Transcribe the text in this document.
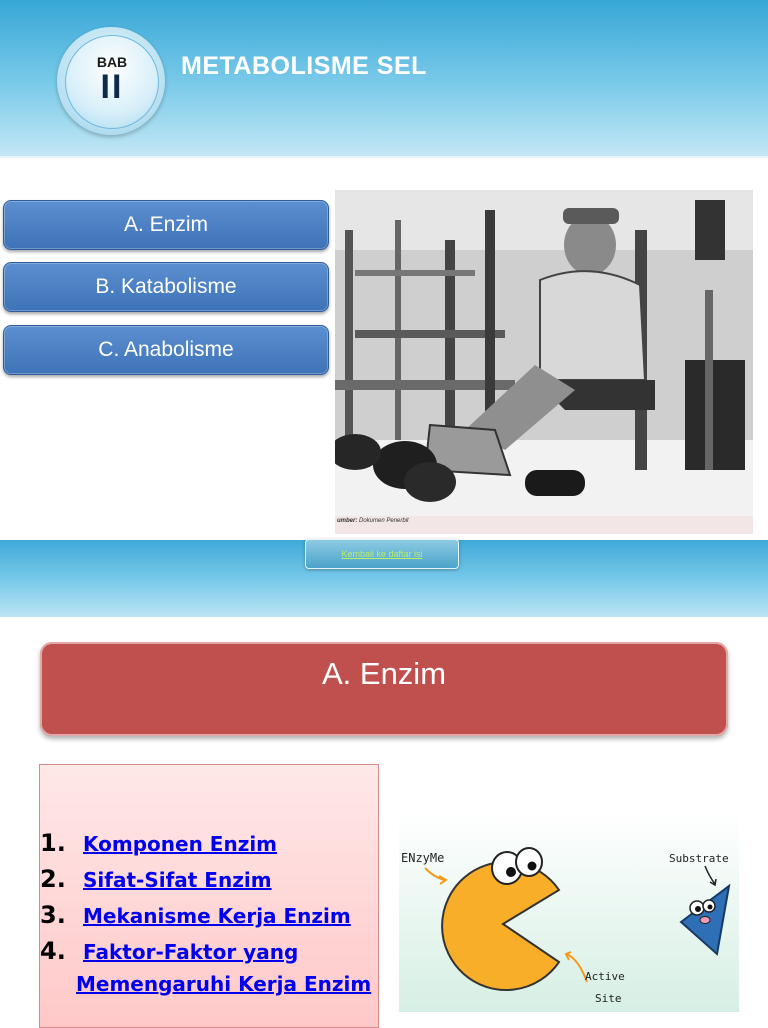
BAB
II
METABOLISME SEL
A. Enzim
B. Katabolisme
C. Anabolisme
umber: Dokumen Penerbit
Kembali ke daftar isi
A. Enzim
1. Komponen Enzim
2. Sifat-Sifat Enzim
3. Mekanisme Kerja Enzim
4. Faktor-Faktor yang
Memengaruhi Kerja Enzim
ENzyMe	Substrate
Active
Site
